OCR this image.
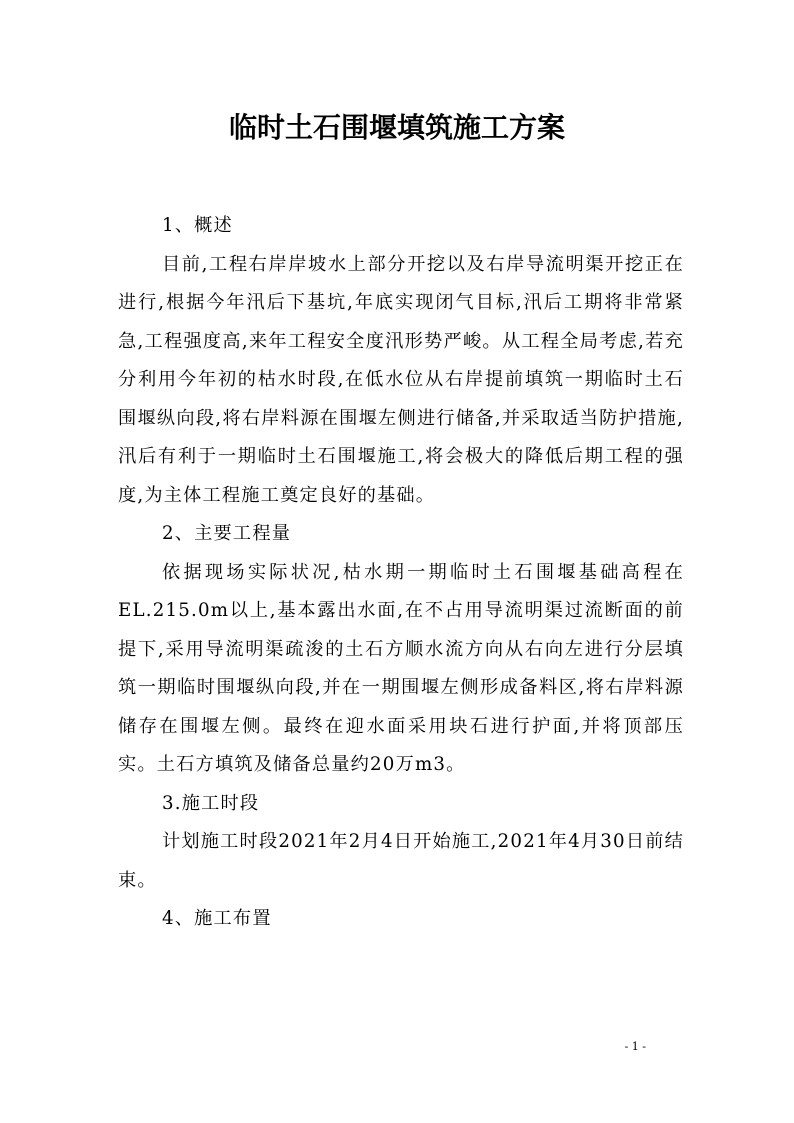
临时土石围堰填筑施工方案

1、概述

目前,工程右岸岸坡水上部分开挖以及右岸导流明渠开挖正在进行,根据今年汛后下基坑,年底实现闭气目标,汛后工期将非常紧急,工程强度高,来年工程安全度汛形势严峻。从工程全局考虑,若充分利用今年初的枯水时段,在低水位从右岸提前填筑一期临时土石围堰纵向段,将右岸料源在围堰左侧进行储备,并采取适当防护措施,汛后有利于一期临时土石围堰施工,将会极大的降低后期工程的强度,为主体工程施工奠定良好的基础。

2、主要工程量

依据现场实际状况,枯水期一期临时土石围堰基础高程在EL.215.0m以上,基本露出水面,在不占用导流明渠过流断面的前提下,采用导流明渠疏浚的土石方顺水流方向从右向左进行分层填筑一期临时围堰纵向段,并在一期围堰左侧形成备料区,将右岸料源储存在围堰左侧。最终在迎水面采用块石进行护面,并将顶部压实。土石方填筑及储备总量约20万m3。

3.施工时段

计划施工时段2021年2月4日开始施工,2021年4月30日前结束。

4、施工布置

- 1 -
